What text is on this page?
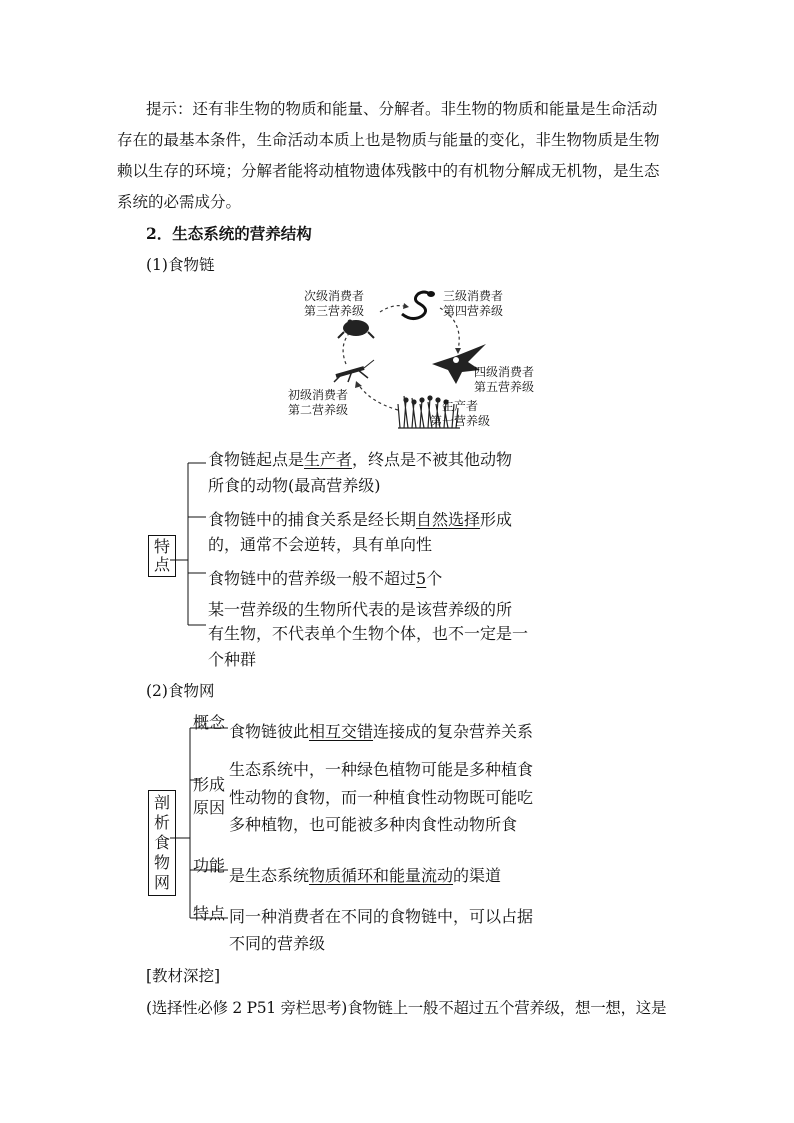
提示：还有非生物的物质和能量、分解者。非生物的物质和能量是生命活动
存在的最基本条件，生命活动本质上也是物质与能量的变化，非生物物质是生物
赖以生存的环境；分解者能将动植物遗体残骸中的有机物分解成无机物，是生态
系统的必需成分。
2．生态系统的营养结构
(1)食物链
次级消费者
第三营养级
三级消费者
第四营养级
四级消费者
第五营养级
初级消费者
第二营养级	生产者
第一营养级
特点
食物链起点是生产者，终点是不被其他动物
所食的动物(最高营养级)
食物链中的捕食关系是经长期自然选择形成
的，通常不会逆转，具有单向性
食物链中的营养级一般不超过5个
某一营养级的生物所代表的是该营养级的所
有生物，不代表单个生物个体，也不一定是一
个种群
(2)食物网
剖析食物网
概念 食物链彼此相互交错连接成的复杂营养关系
形成
原因
生态系统中，一种绿色植物可能是多种植食
性动物的食物，而一种植食性动物既可能吃
多种植物，也可能被多种肉食性动物所食
功能
是生态系统物质循环和能量流动的渠道
特点 同一种消费者在不同的食物链中，可以占据
不同的营养级
[教材深挖]
(选择性必修 2 P51 旁栏思考)食物链上一般不超过五个营养级，想一想，这是
